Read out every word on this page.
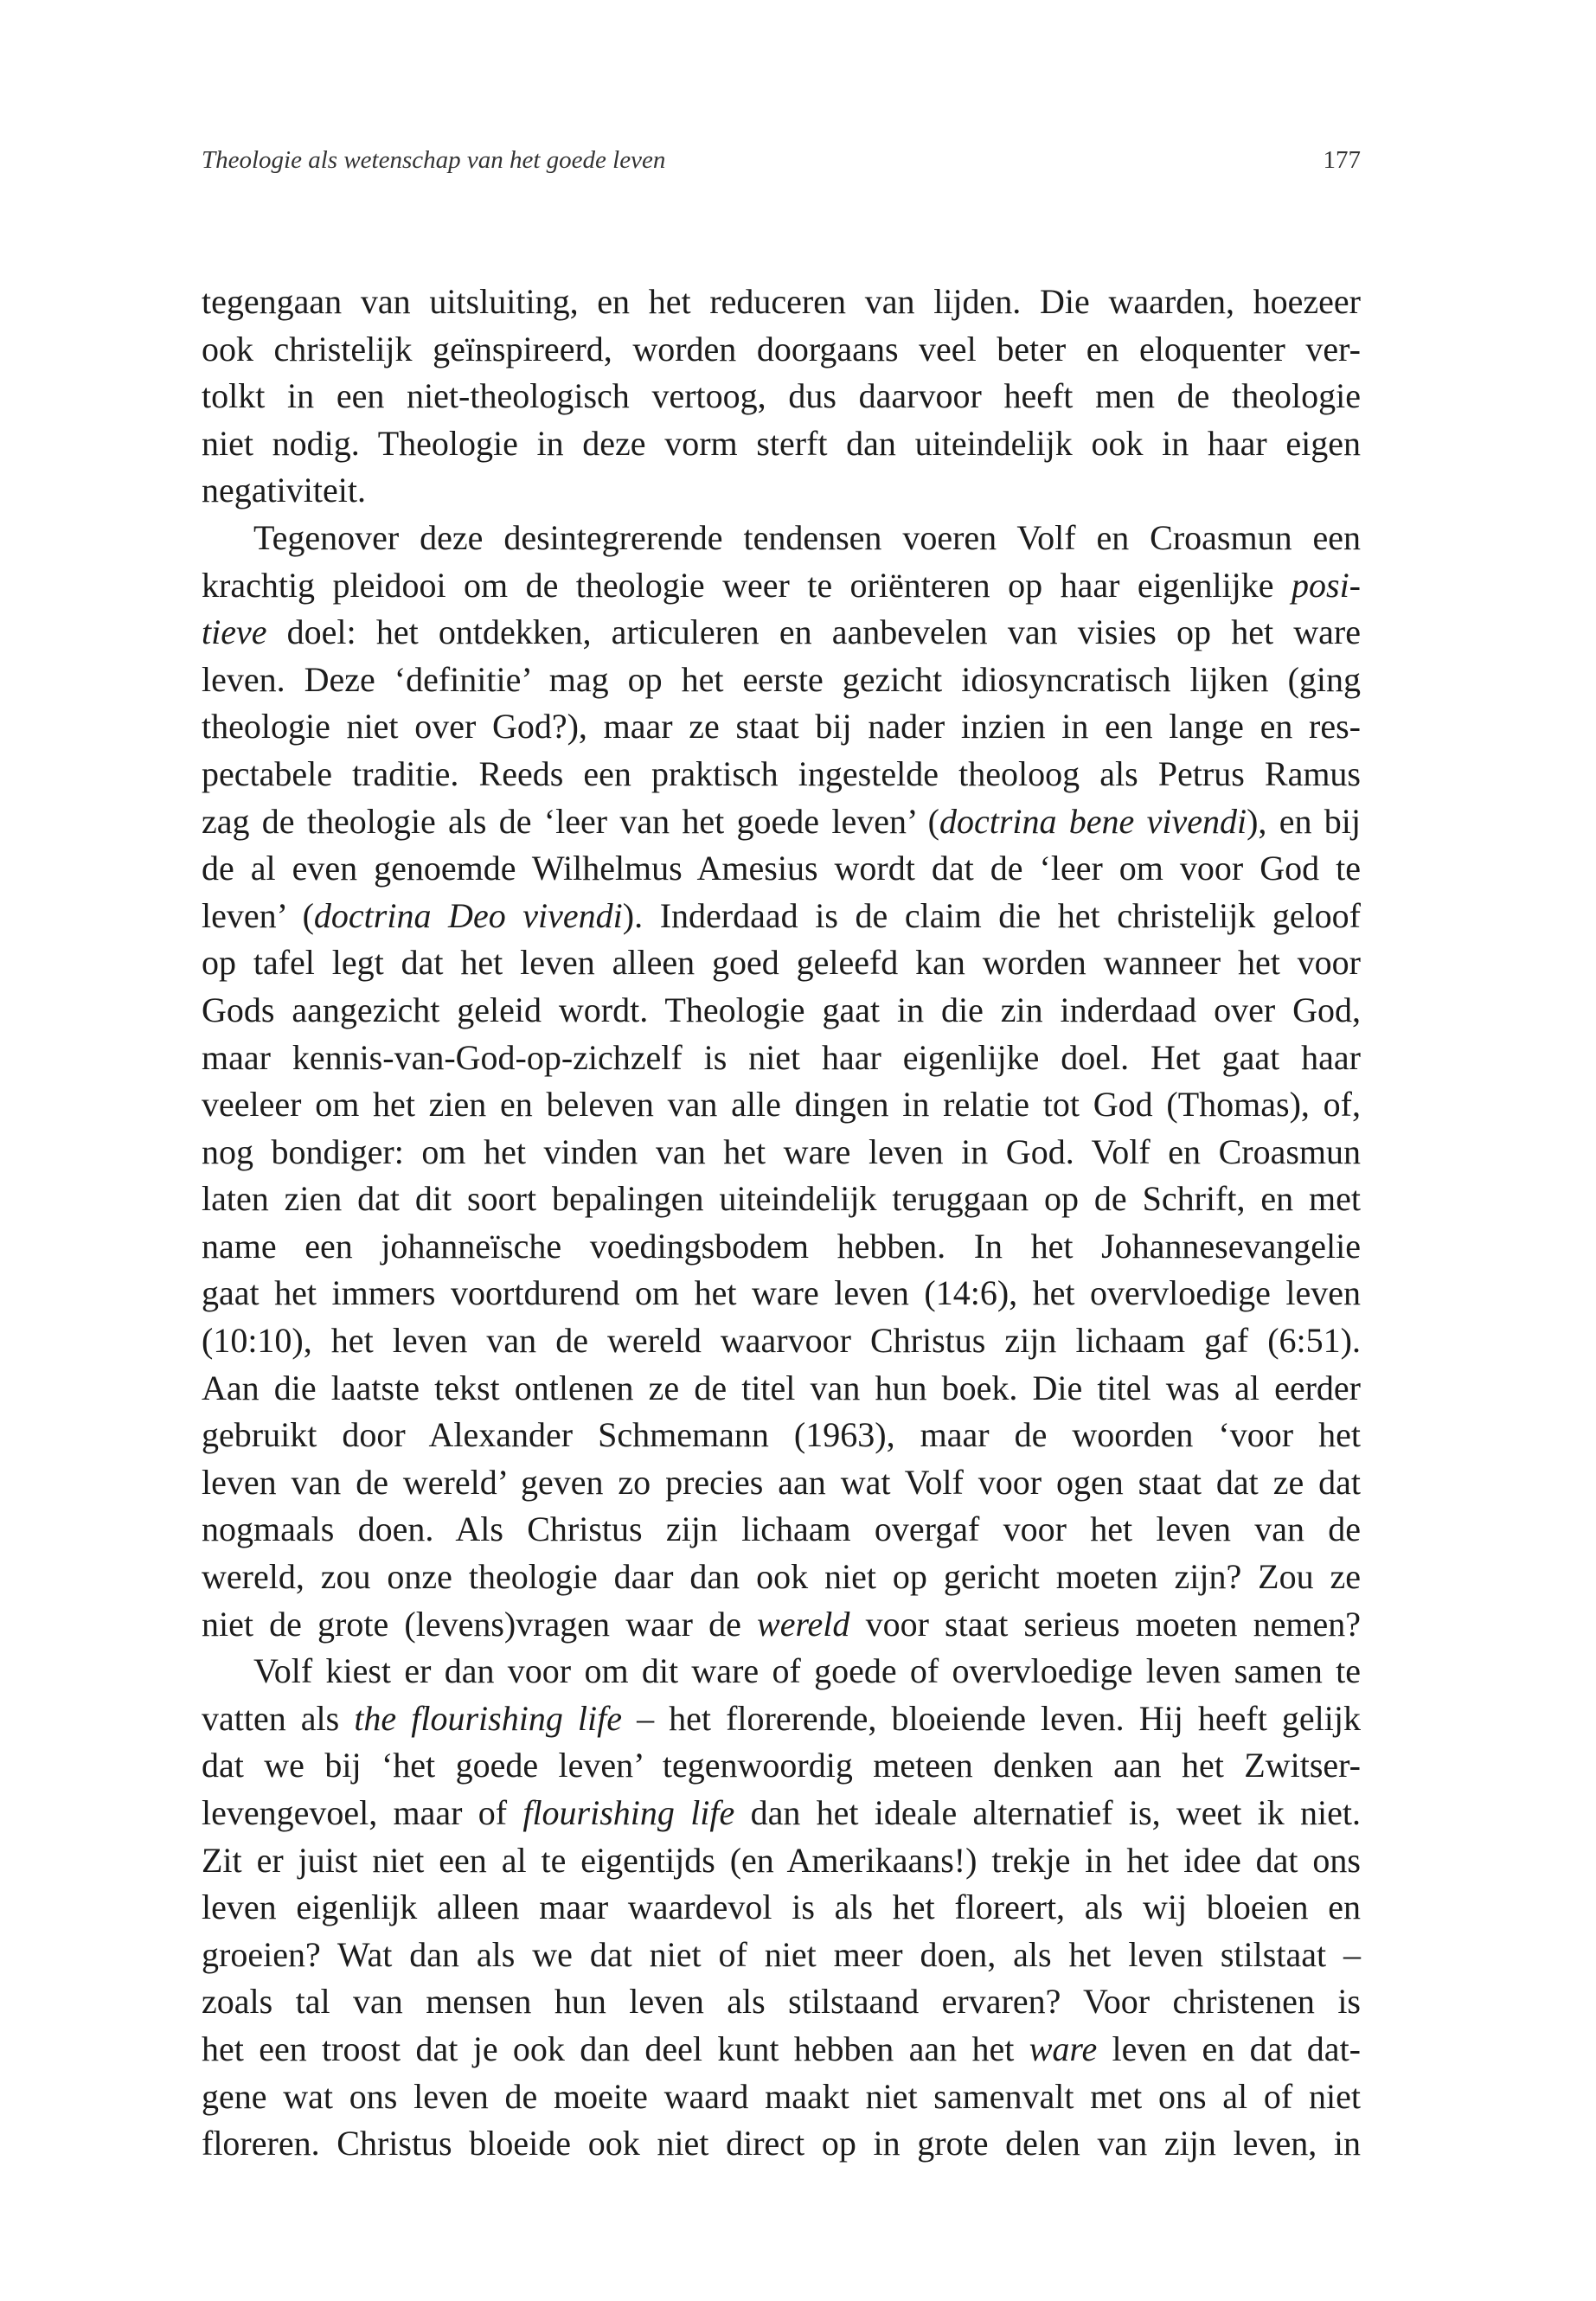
Theologie als wetenschap van het goede leven	177
tegengaan van uitsluiting, en het reduceren van lijden. Die waarden, hoezeer
ook christelijk geïnspireerd, worden doorgaans veel beter en eloquenter ver-
tolkt in een niet-theologisch vertoog, dus daarvoor heeft men de theologie
niet nodig. Theologie in deze vorm sterft dan uiteindelijk ook in haar eigen
negativiteit.
Tegenover deze desintegrerende tendensen voeren Volf en Croasmun een
krachtig pleidooi om de theologie weer te oriënteren op haar eigenlijke posi-
tieve doel: het ontdekken, articuleren en aanbevelen van visies op het ware
leven. Deze ‘definitie’ mag op het eerste gezicht idiosyncratisch lijken (ging
theologie niet over God?), maar ze staat bij nader inzien in een lange en res-
pectabele traditie. Reeds een praktisch ingestelde theoloog als Petrus Ramus
zag de theologie als de ‘leer van het goede leven’ (doctrina bene vivendi), en bij
de al even genoemde Wilhelmus Amesius wordt dat de ‘leer om voor God te
leven’ (doctrina Deo vivendi). Inderdaad is de claim die het christelijk geloof
op tafel legt dat het leven alleen goed geleefd kan worden wanneer het voor
Gods aangezicht geleid wordt. Theologie gaat in die zin inderdaad over God,
maar kennis-van-God-op-zichzelf is niet haar eigenlijke doel. Het gaat haar
veeleer om het zien en beleven van alle dingen in relatie tot God (Thomas), of,
nog bondiger: om het vinden van het ware leven in God. Volf en Croasmun
laten zien dat dit soort bepalingen uiteindelijk teruggaan op de Schrift, en met
name een johanneïsche voedingsbodem hebben. In het Johannesevangelie
gaat het immers voortdurend om het ware leven (14:6), het overvloedige leven
(10:10), het leven van de wereld waarvoor Christus zijn lichaam gaf (6:51).
Aan die laatste tekst ontlenen ze de titel van hun boek. Die titel was al eerder
gebruikt door Alexander Schmemann (1963), maar de woorden ‘voor het
leven van de wereld’ geven zo precies aan wat Volf voor ogen staat dat ze dat
nogmaals doen. Als Christus zijn lichaam overgaf voor het leven van de
wereld, zou onze theologie daar dan ook niet op gericht moeten zijn? Zou ze
niet de grote (levens)vragen waar de wereld voor staat serieus moeten nemen?
Volf kiest er dan voor om dit ware of goede of overvloedige leven samen te
vatten als the flourishing life – het florerende, bloeiende leven. Hij heeft gelijk
dat we bij ‘het goede leven’ tegenwoordig meteen denken aan het Zwitser-
levengevoel, maar of flourishing life dan het ideale alternatief is, weet ik niet.
Zit er juist niet een al te eigentijds (en Amerikaans!) trekje in het idee dat ons
leven eigenlijk alleen maar waardevol is als het floreert, als wij bloeien en
groeien? Wat dan als we dat niet of niet meer doen, als het leven stilstaat –
zoals tal van mensen hun leven als stilstaand ervaren? Voor christenen is
het een troost dat je ook dan deel kunt hebben aan het ware leven en dat dat-
gene wat ons leven de moeite waard maakt niet samenvalt met ons al of niet
floreren. Christus bloeide ook niet direct op in grote delen van zijn leven, in
